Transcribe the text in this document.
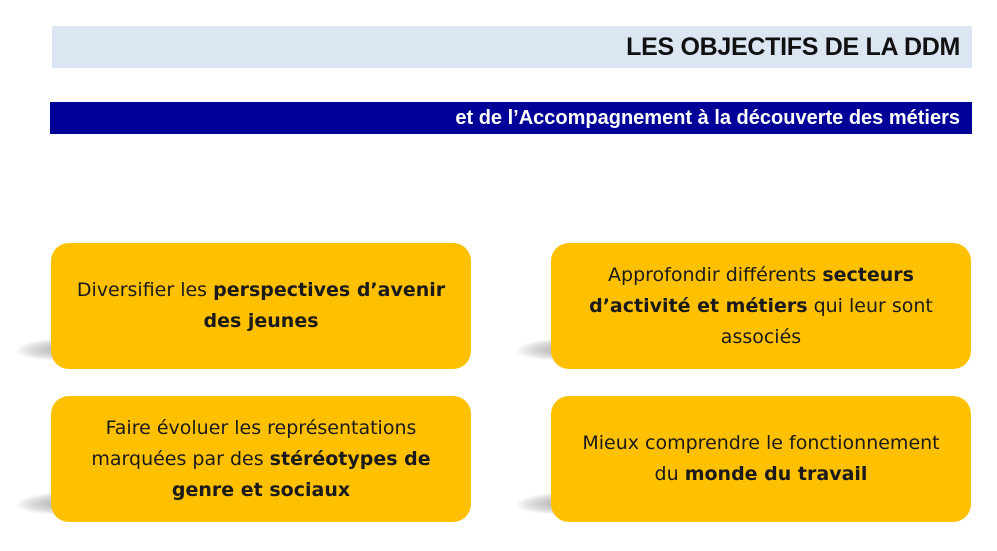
LES OBJECTIFS DE LA DDM
et de l’Accompagnement à la découverte des métiers
Diversifier les perspectives d’avenir des jeunes
Approfondir différents secteurs d’activité et métiers qui leur sont associés
Faire évoluer les représentations marquées par des stéréotypes de genre et sociaux
Mieux comprendre le fonctionnement du monde du travail
